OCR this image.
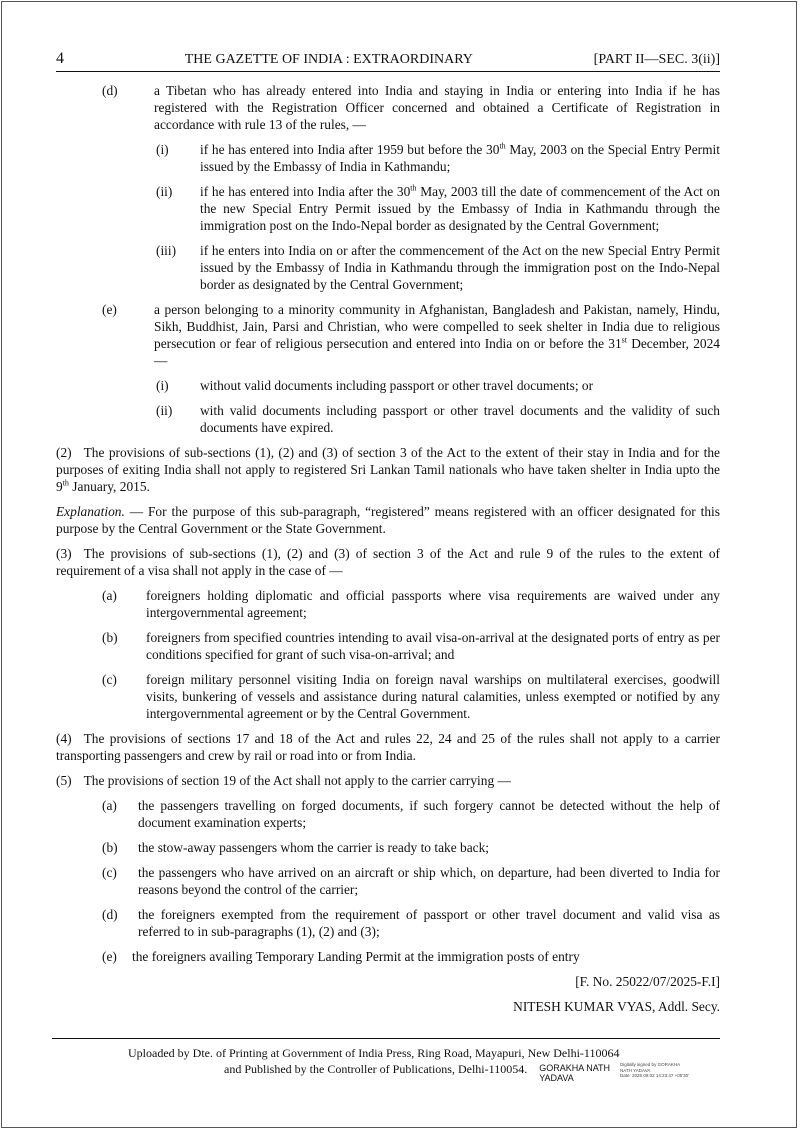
4	THE GAZETTE OF INDIA : EXTRAORDINARY	[PART II—SEC. 3(ii)]
(d)	a Tibetan who has already entered into India and staying in India or entering into India if he has registered with the Registration Officer concerned and obtained a Certificate of Registration in accordance with rule 13 of the rules, —
(i)	if he has entered into India after 1959 but before the 30th May, 2003 on the Special Entry Permit issued by the Embassy of India in Kathmandu;
(ii)	if he has entered into India after the 30th May, 2003 till the date of commencement of the Act on the new Special Entry Permit issued by the Embassy of India in Kathmandu through the immigration post on the Indo-Nepal border as designated by the Central Government;
(iii)	if he enters into India on or after the commencement of the Act on the new Special Entry Permit issued by the Embassy of India in Kathmandu through the immigration post on the Indo-Nepal border as designated by the Central Government;
(e)	a person belonging to a minority community in Afghanistan, Bangladesh and Pakistan, namely, Hindu, Sikh, Buddhist, Jain, Parsi and Christian, who were compelled to seek shelter in India due to religious persecution or fear of religious persecution and entered into India on or before the 31st December, 2024 —
(i)	without valid documents including passport or other travel documents; or
(ii)	with valid documents including passport or other travel documents and the validity of such documents have expired.
(2) The provisions of sub-sections (1), (2) and (3) of section 3 of the Act to the extent of their stay in India and for the purposes of exiting India shall not apply to registered Sri Lankan Tamil nationals who have taken shelter in India upto the 9th January, 2015.
Explanation. — For the purpose of this sub-paragraph, “registered” means registered with an officer designated for this purpose by the Central Government or the State Government.
(3) The provisions of sub-sections (1), (2) and (3) of section 3 of the Act and rule 9 of the rules to the extent of requirement of a visa shall not apply in the case of —
(a)	foreigners holding diplomatic and official passports where visa requirements are waived under any intergovernmental agreement;
(b)	foreigners from specified countries intending to avail visa-on-arrival at the designated ports of entry as per conditions specified for grant of such visa-on-arrival; and
(c)	foreign military personnel visiting India on foreign naval warships on multilateral exercises, goodwill visits, bunkering of vessels and assistance during natural calamities, unless exempted or notified by any intergovernmental agreement or by the Central Government.
(4) The provisions of sections 17 and 18 of the Act and rules 22, 24 and 25 of the rules shall not apply to a carrier transporting passengers and crew by rail or road into or from India.
(5) The provisions of section 19 of the Act shall not apply to the carrier carrying —
(a)	the passengers travelling on forged documents, if such forgery cannot be detected without the help of document examination experts;
(b)	the stow-away passengers whom the carrier is ready to take back;
(c)	the passengers who have arrived on an aircraft or ship which, on departure, had been diverted to India for reasons beyond the control of the carrier;
(d)	the foreigners exempted from the requirement of passport or other travel document and valid visa as referred to in sub-paragraphs (1), (2) and (3);
(e)	the foreigners availing Temporary Landing Permit at the immigration posts of entry
[F. No. 25022/07/2025-F.I]
NITESH KUMAR VYAS, Addl. Secy.
Uploaded by Dte. of Printing at Government of India Press, Ring Road, Mayapuri, New Delhi-110064
and Published by the Controller of Publications, Delhi-110054. GORAKHA NATH
YADAVA
Digitally signed by GORAKHA
NATH YADAVA
Date: 2025.09.02 14:23:47 +05'30'
